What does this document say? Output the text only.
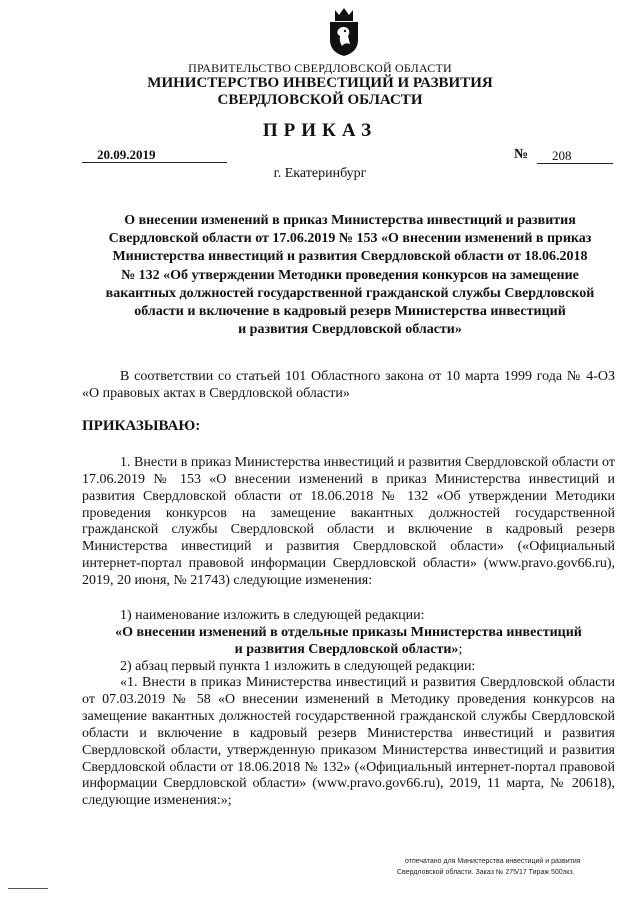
ПРАВИТЕЛЬСТВО СВЕРДЛОВСКОЙ ОБЛАСТИ
МИНИСТЕРСТВО ИНВЕСТИЦИЙ И РАЗВИТИЯ
СВЕРДЛОВСКОЙ ОБЛАСТИ
ПРИКАЗ
20.09.2019	№ 208
г. Екатеринбург
О внесении изменений в приказ Министерства инвестиций и развития
Свердловской области от 17.06.2019 № 153 «О внесении изменений в приказ
Министерства инвестиций и развития Свердловской области от 18.06.2018
№ 132 «Об утверждении Методики проведения конкурсов на замещение
вакантных должностей государственной гражданской службы Свердловской
области и включение в кадровый резерв Министерства инвестиций
и развития Свердловской области»
В соответствии со статьей 101 Областного закона от 10 марта 1999 года № 4-ОЗ «О правовых актах в Свердловской области»
ПРИКАЗЫВАЮ:
1. Внести в приказ Министерства инвестиций и развития Свердловской области от 17.06.2019 № 153 «О внесении изменений в приказ Министерства инвестиций и развития Свердловской области от 18.06.2018 № 132 «Об утверждении Методики проведения конкурсов на замещение вакантных должностей государственной гражданской службы Свердловской области и включение в кадровый резерв Министерства инвестиций и развития Свердловской области» («Официальный интернет-портал правовой информации Свердловской области» (www.pravo.gov66.ru), 2019, 20 июня, № 21743) следующие изменения:
1) наименование изложить в следующей редакции:
«О внесении изменений в отдельные приказы Министерства инвестиций
и развития Свердловской области»;
2) абзац первый пункта 1 изложить в следующей редакции:
«1. Внести в приказ Министерства инвестиций и развития Свердловской области от 07.03.2019 № 58 «О внесении изменений в Методику проведения конкурсов на замещение вакантных должностей государственной гражданской службы Свердловской области и включение в кадровый резерв Министерства инвестиций и развития Свердловской области, утвержденную приказом Министерства инвестиций и развития Свердловской области от 18.06.2018 № 132» («Официальный интернет-портал правовой информации Свердловской области» (www.pravo.gov66.ru), 2019, 11 марта, № 20618), следующие изменения:»;
отпечатано для Министерства инвестиций и развития
Свердловской области. Заказ № 275/17 Тираж 500экз.
